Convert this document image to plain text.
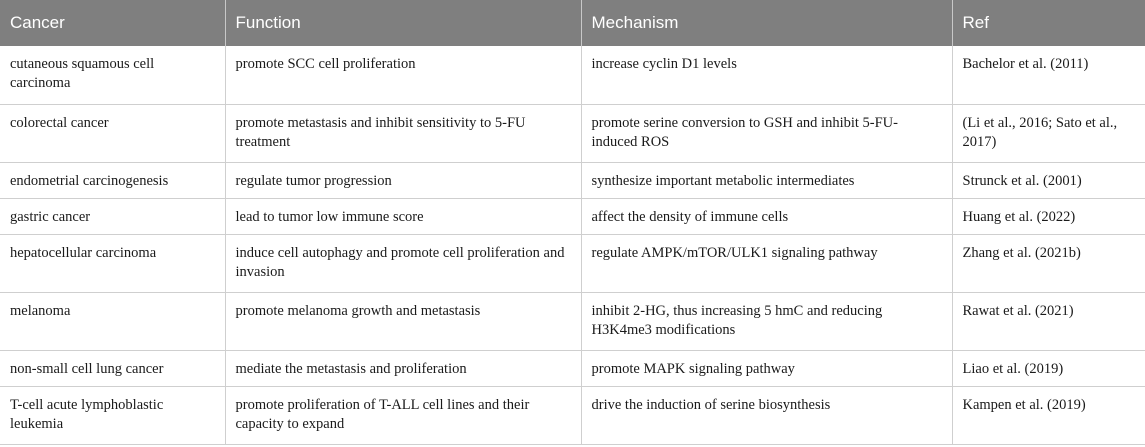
Cancer	Function	Mechanism	Ref
cutaneous squamous cell carcinoma	promote SCC cell proliferation	increase cyclin D1 levels	Bachelor et al. (2011)
colorectal cancer	promote metastasis and inhibit sensitivity to 5-FU treatment	promote serine conversion to GSH and inhibit 5-FU-induced ROS	(Li et al., 2016; Sato et al., 2017)
endometrial carcinogenesis	regulate tumor progression	synthesize important metabolic intermediates	Strunck et al. (2001)
gastric cancer	lead to tumor low immune score	affect the density of immune cells	Huang et al. (2022)
hepatocellular carcinoma	induce cell autophagy and promote cell proliferation and invasion	regulate AMPK/mTOR/ULK1 signaling pathway	Zhang et al. (2021b)
melanoma	promote melanoma growth and metastasis	inhibit 2-HG, thus increasing 5 hmC and reducing H3K4me3 modifications	Rawat et al. (2021)
non-small cell lung cancer	mediate the metastasis and proliferation	promote MAPK signaling pathway	Liao et al. (2019)
T-cell acute lymphoblastic leukemia	promote proliferation of T-ALL cell lines and their capacity to expand	drive the induction of serine biosynthesis	Kampen et al. (2019)
